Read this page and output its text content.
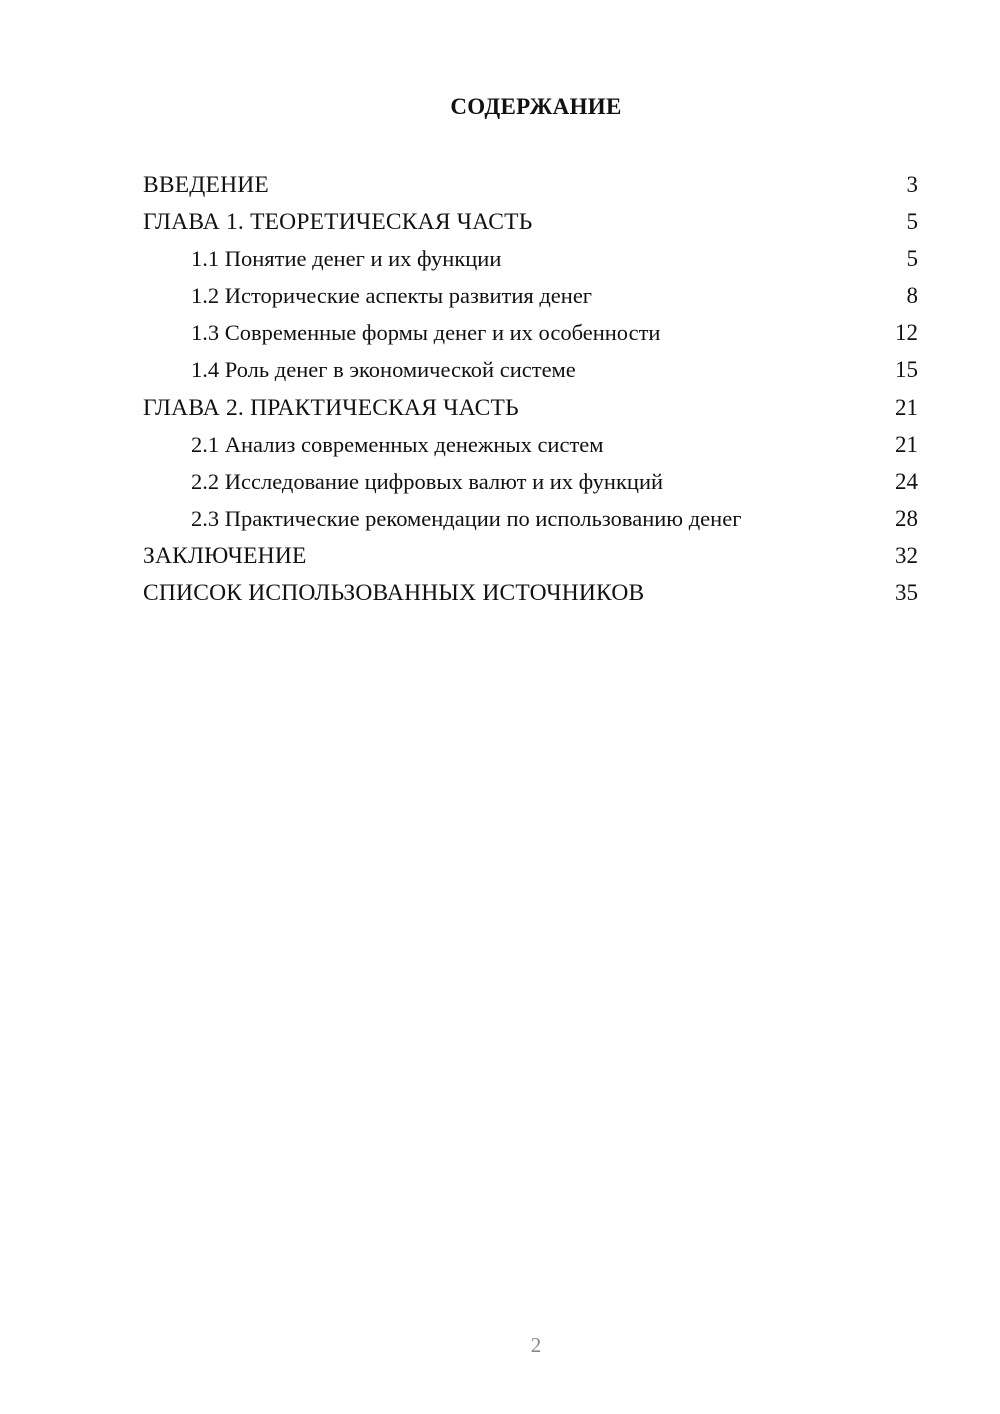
СОДЕРЖАНИЕ
ВВЕДЕНИЕ	3
ГЛАВА 1. ТЕОРЕТИЧЕСКАЯ ЧАСТЬ	5
1.1 Понятие денег и их функции	5
1.2 Исторические аспекты развития денег	8
1.3 Современные формы денег и их особенности	12
1.4 Роль денег в экономической системе	15
ГЛАВА 2. ПРАКТИЧЕСКАЯ ЧАСТЬ	21
2.1 Анализ современных денежных систем	21
2.2 Исследование цифровых валют и их функций	24
2.3 Практические рекомендации по использованию денег	28
ЗАКЛЮЧЕНИЕ	32
СПИСОК ИСПОЛЬЗОВАННЫХ ИСТОЧНИКОВ	35
2
